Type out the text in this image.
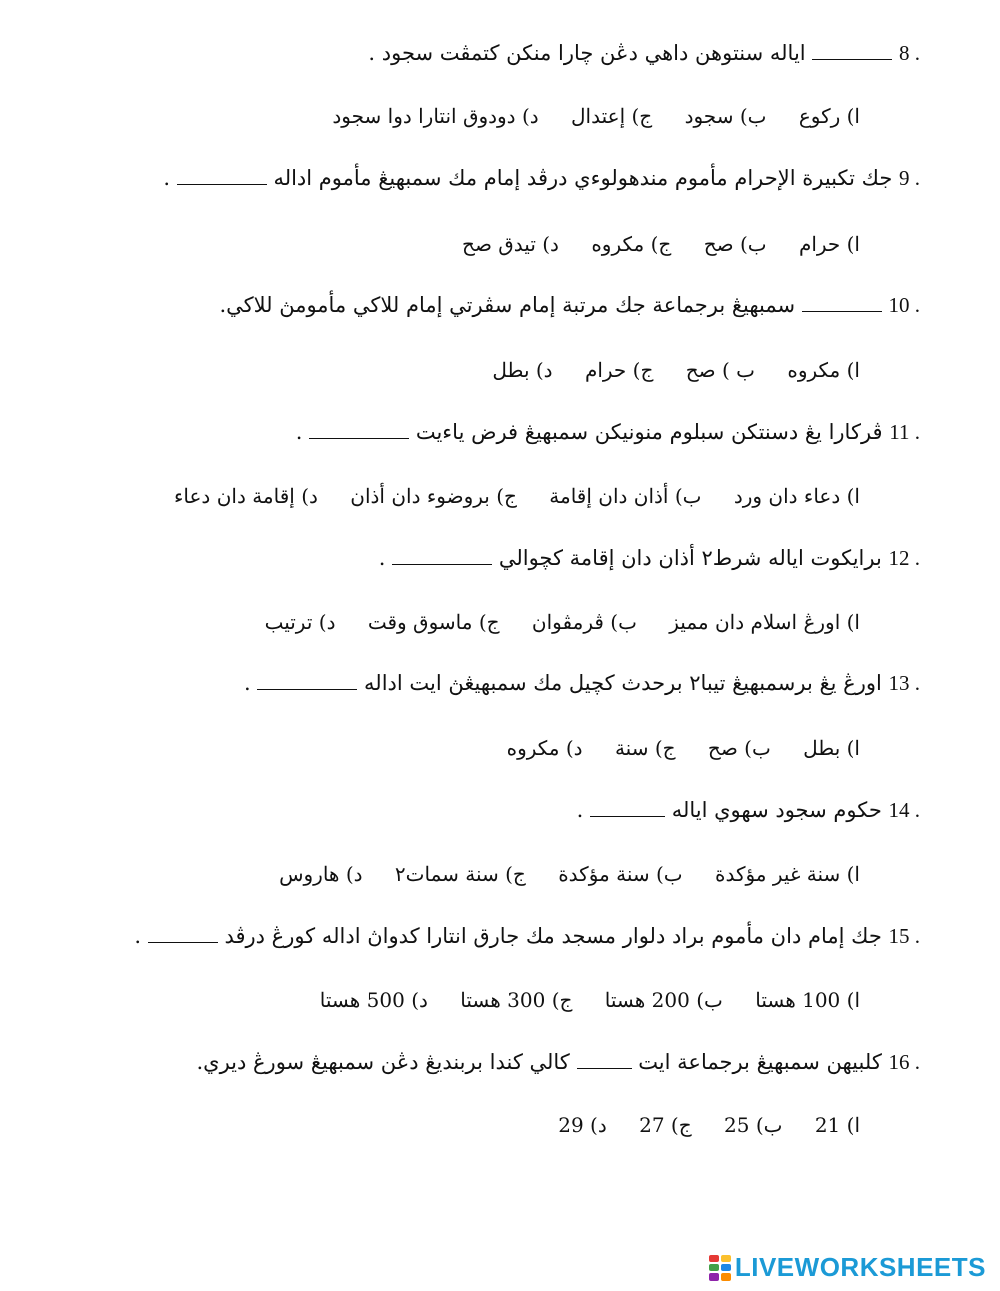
8 .  اياله سنتوهن داهي دڠن چارا منكن كتمڤت سجود .
ا) ركوع ب) سجود ج) إعتدال د) دودوق انتارا دوا سجود
9 . جك تكبيرة الإحرام مأموم مندهولوءي درڤد إمام مك سمبهيڠ مأموم اداله  .
ا) حرام ب) صح ج) مكروه د) تيدق صح
10 .  سمبهيڠ برجماعة جك مرتبة إمام سڤرتي إمام للاكي مأمومڽ للاكي.
ا) مكروه ب ) صح ج) حرام د) بطل
11 . ڤركارا يڠ دسنتكن سبلوم منونيكن سمبهيڠ فرض ياءيت  .
ا) دعاء دان ورد ب) أذان دان إقامة ج) بروضوء دان أذان د) إقامة دان دعاء
12 . برايكوت اياله شرط٢ أذان دان إقامة كچوالي  .
ا) اورڠ اسلام دان مميز ب) ڤرمڤوان ج) ماسوق وقت د) ترتيب
13 . اورڠ يڠ برسمبهيڠ تيبا٢ برحدث كچيل مك سمبهيڠڽ ايت اداله  .
ا) بطل ب) صح ج) سنة د) مكروه
14 . حكوم سجود سهوي اياله  .
ا) سنة غير مؤكدة ب) سنة مؤكدة ج) سنة سمات٢ د) هاروس
15 . جك إمام دان مأموم براد دلوار مسجد مك جارق انتارا كدواڽ اداله كورڠ درڤد  .
ا) 100 هستا ب) 200 هستا ج) 300 هستا د) 500 هستا
16 . كلبيهن سمبهيڠ برجماعة ايت  كالي كندا بربنديڠ دڠن سمبهيڠ سورڠ ديري.
ا) 21 ب) 25 ج) 27 د) 29
LIVEWORKSHEETS
